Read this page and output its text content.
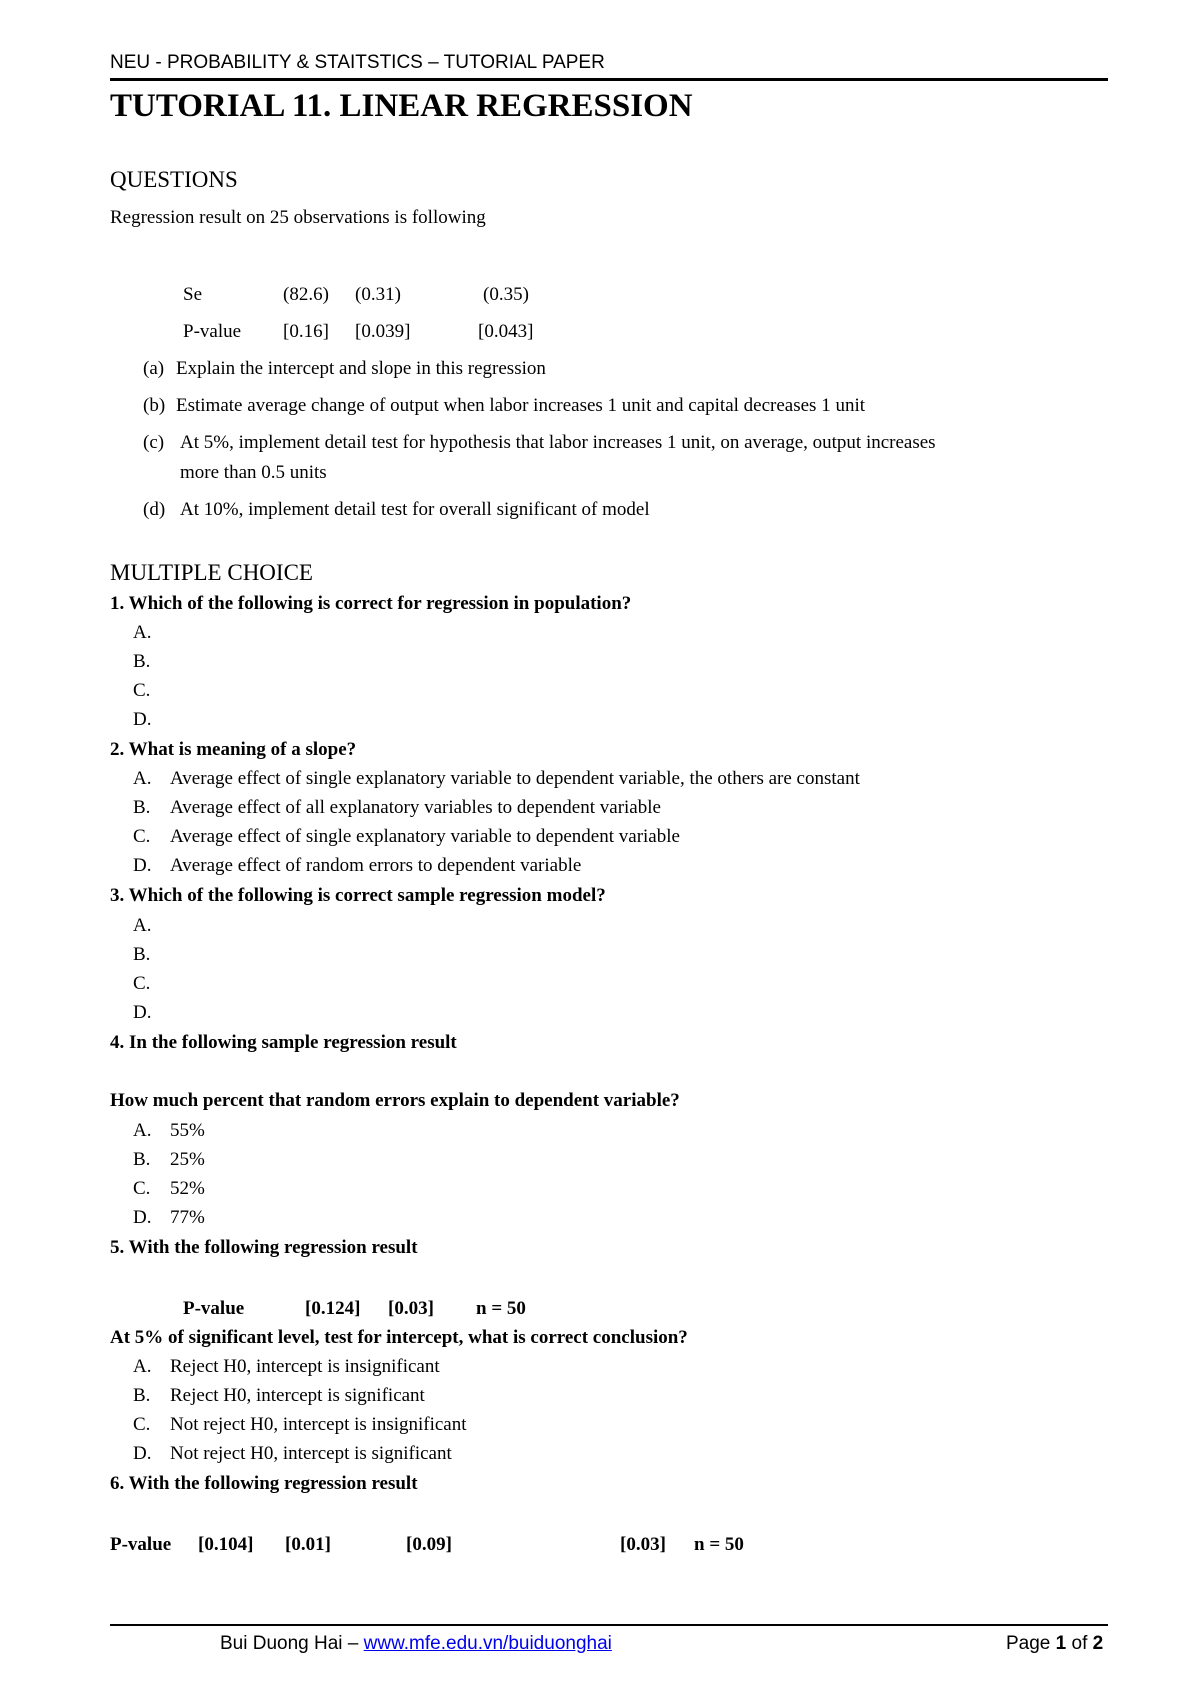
NEU - PROBABILITY & STAITSTICS – TUTORIAL PAPER
TUTORIAL 11. LINEAR REGRESSION
QUESTIONS
Regression result on 25 observations is following
Se	(82.6) (0.31)	(0.35)
P-value [0.16] [0.039]	[0.043]
(a) Explain the intercept and slope in this regression
(b) Estimate average change of output when labor increases 1 unit and capital decreases 1 unit
(c) At 5%, implement detail test for hypothesis that labor increases 1 unit, on average, output increases
more than 0.5 units
(d) At 10%, implement detail test for overall significant of model
MULTIPLE CHOICE
1. Which of the following is correct for regression in population?
A.
B.
C.
D.
2. What is meaning of a slope?
A. Average effect of single explanatory variable to dependent variable, the others are constant
B. Average effect of all explanatory variables to dependent variable
C. Average effect of single explanatory variable to dependent variable
D. Average effect of random errors to dependent variable
3. Which of the following is correct sample regression model?
A.
B.
C.
D.
4. In the following sample regression result
How much percent that random errors explain to dependent variable?
A. 55%
B. 25%
C. 52%
D. 77%
5. With the following regression result
P-value	[0.124] [0.03] n = 50
At 5% of significant level, test for intercept, what is correct conclusion?
A. Reject H0, intercept is insignificant
B. Reject H0, intercept is significant
C. Not reject H0, intercept is insignificant
D. Not reject H0, intercept is significant
6. With the following regression result
P-value [0.104] [0.01]	[0.09]	[0.03] n = 50
Bui Duong Hai – www.mfe.edu.vn/buiduonghai	Page 1 of 2
